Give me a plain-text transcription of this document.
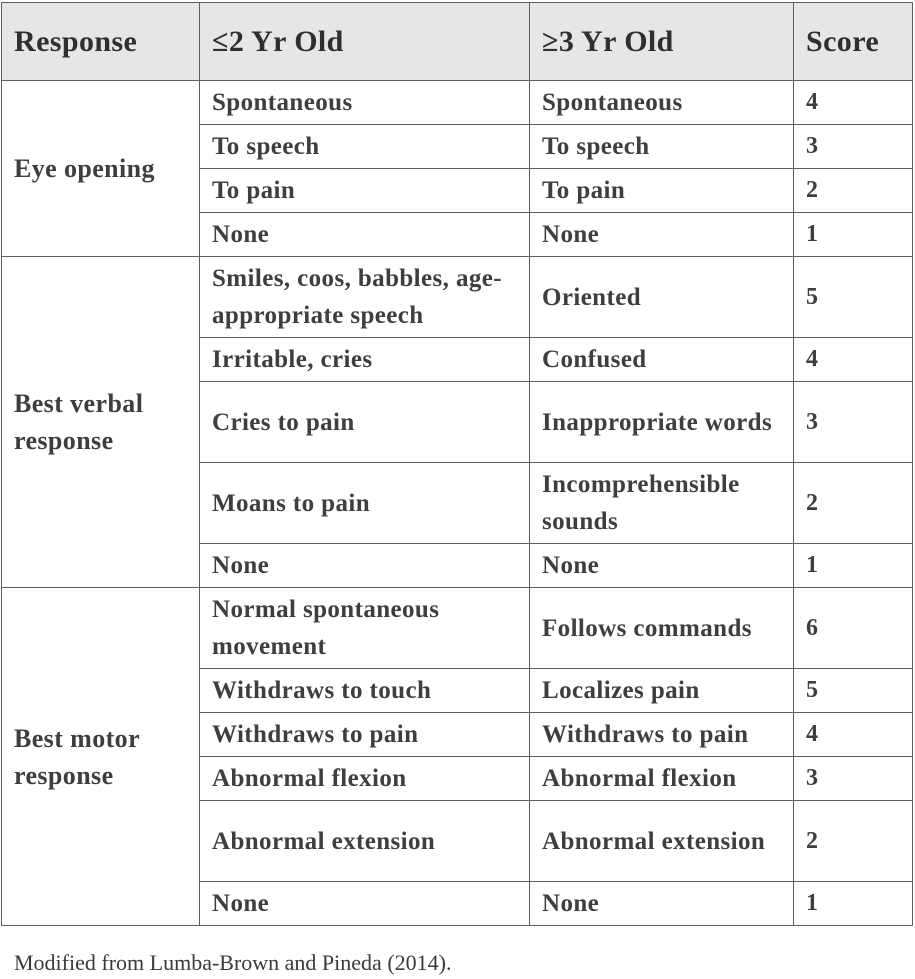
Response	≤2 Yr Old	≥3 Yr Old	Score
Eye opening	Spontaneous	Spontaneous	4
	To speech	To speech	3
	To pain	To pain	2
	None	None	1
Best verbal response	Smiles, coos, babbles, age-appropriate speech	Oriented	5
	Irritable, cries	Confused	4
	Cries to pain	Inappropriate words	3
	Moans to pain	Incomprehensible sounds	2
	None	None	1
Best motor response	Normal spontaneous movement	Follows commands	6
	Withdraws to touch	Localizes pain	5
	Withdraws to pain	Withdraws to pain	4
	Abnormal flexion	Abnormal flexion	3
	Abnormal extension	Abnormal extension	2
	None	None	1
Modified from Lumba-Brown and Pineda (2014).
